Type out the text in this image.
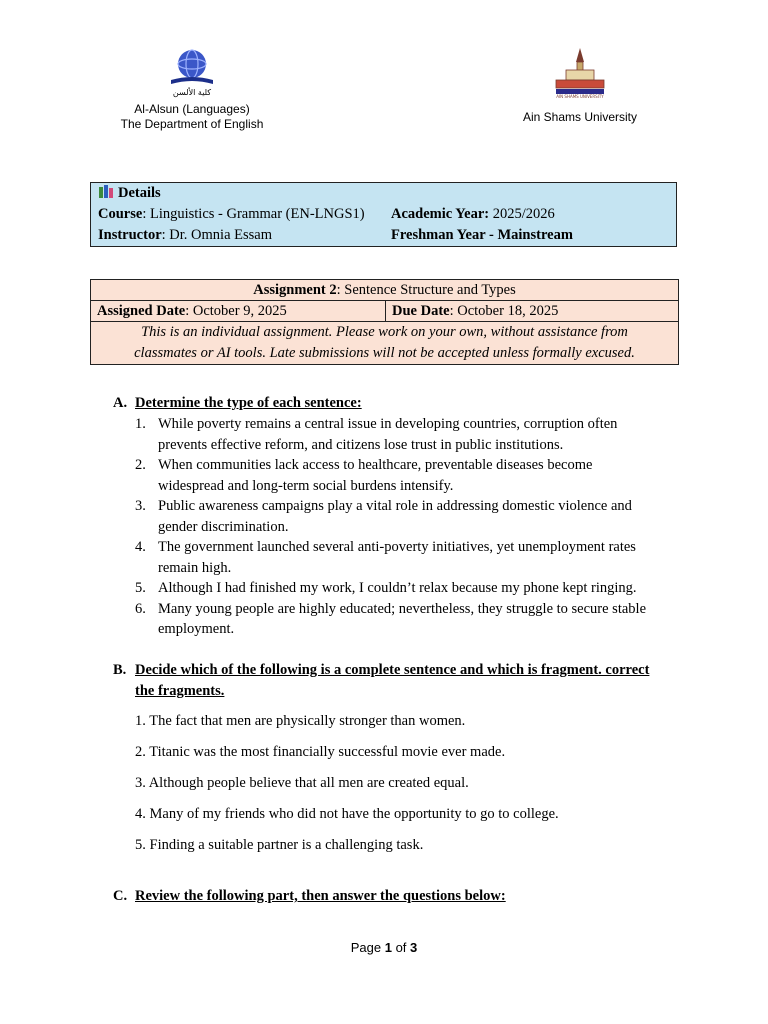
كلية الألسن
Al-Alsun (Languages)
The Department of English
AIN SHAMS UNIVERSITY
Ain Shams University
Details
Course: Linguistics - Grammar (EN-LNGS1) Academic Year: 2025/2026
Instructor: Dr. Omnia Essam	Freshman Year - Mainstream
Assignment 2: Sentence Structure and Types
Assigned Date: October 9, 2025	Due Date: October 18, 2025
This is an individual assignment. Please work on your own, without assistance from
classmates or AI tools. Late submissions will not be accepted unless formally excused.
A. Determine the type of each sentence:
1. While poverty remains a central issue in developing countries, corruption often
prevents effective reform, and citizens lose trust in public institutions.
2. When communities lack access to healthcare, preventable diseases become
widespread and long-term social burdens intensify.
3. Public awareness campaigns play a vital role in addressing domestic violence and
gender discrimination.
4. The government launched several anti-poverty initiatives, yet unemployment rates
remain high.
5. Although I had finished my work, I couldn’t relax because my phone kept ringing.
6. Many young people are highly educated; nevertheless, they struggle to secure stable
employment.
B. Decide which of the following is a complete sentence and which is fragment. correct
the fragments.
1. The fact that men are physically stronger than women.
2. Titanic was the most financially successful movie ever made.
3. Although people believe that all men are created equal.
4. Many of my friends who did not have the opportunity to go to college.
5. Finding a suitable partner is a challenging task.
C. Review the following part, then answer the questions below:
Page 1 of 3
